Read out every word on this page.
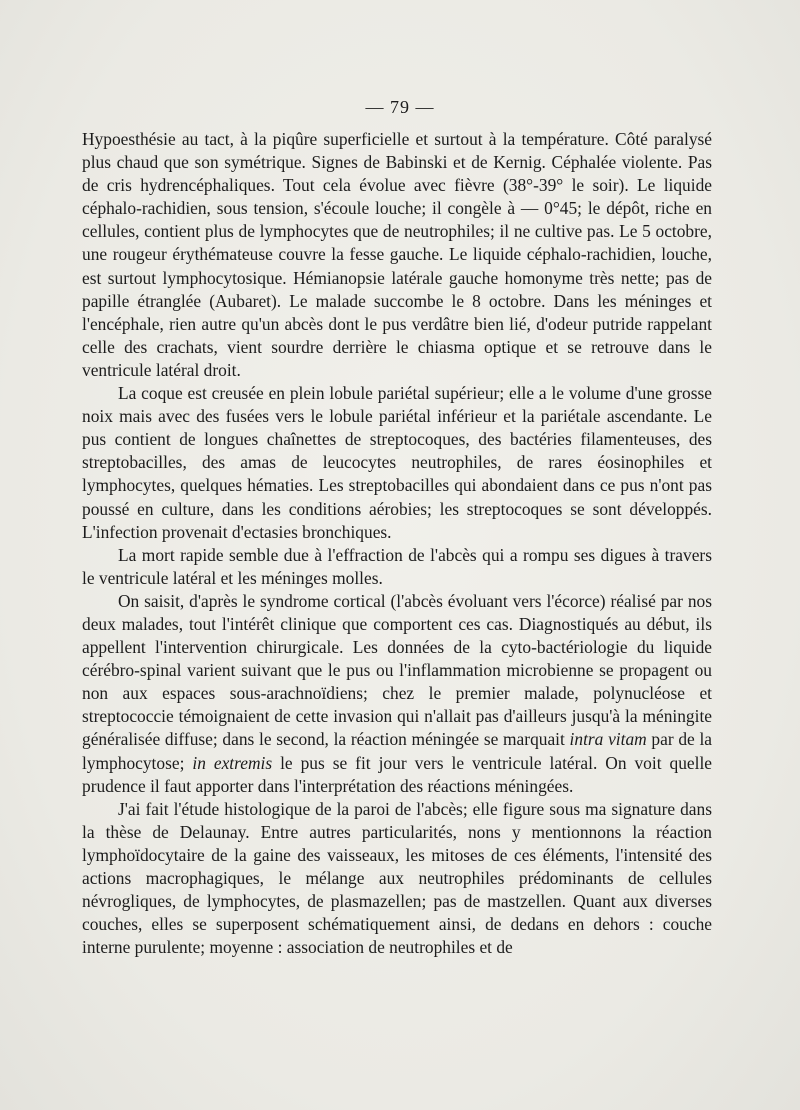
— 79 —

Hypoesthésie au tact, à la piqûre superficielle et surtout à la température. Côté paralysé plus chaud que son symétrique. Signes de Babinski et de Kernig. Céphalée violente. Pas de cris hydrencéphaliques. Tout cela évolue avec fièvre (38°-39° le soir). Le liquide céphalo-rachidien, sous tension, s'écoule louche; il congèle à — 0°45; le dépôt, riche en cellules, contient plus de lymphocytes que de neutrophiles; il ne cultive pas. Le 5 octobre, une rougeur érythémateuse couvre la fesse gauche. Le liquide céphalo-rachidien, louche, est surtout lymphocytosique. Hémianopsie latérale gauche homonyme très nette; pas de papille étranglée (Aubaret). Le malade succombe le 8 octobre. Dans les méninges et l'encéphale, rien autre qu'un abcès dont le pus verdâtre bien lié, d'odeur putride rappelant celle des crachats, vient sourdre derrière le chiasma optique et se retrouve dans le ventricule latéral droit.

La coque est creusée en plein lobule pariétal supérieur; elle a le volume d'une grosse noix mais avec des fusées vers le lobule pariétal inférieur et la pariétale ascendante. Le pus contient de longues chaînettes de streptocoques, des bactéries filamenteuses, des streptobacilles, des amas de leucocytes neutrophiles, de rares éosinophiles et lymphocytes, quelques hématies. Les streptobacilles qui abondaient dans ce pus n'ont pas poussé en culture, dans les conditions aérobies; les streptocoques se sont développés. L'infection provenait d'ectasies bronchiques.

La mort rapide semble due à l'effraction de l'abcès qui a rompu ses digues à travers le ventricule latéral et les méninges molles.

On saisit, d'après le syndrome cortical (l'abcès évoluant vers l'écorce) réalisé par nos deux malades, tout l'intérêt clinique que comportent ces cas. Diagnostiqués au début, ils appellent l'intervention chirurgicale. Les données de la cyto-bactériologie du liquide cérébro-spinal varient suivant que le pus ou l'inflammation microbienne se propagent ou non aux espaces sous-arachnoïdiens; chez le premier malade, polynucléose et streptococcie témoignaient de cette invasion qui n'allait pas d'ailleurs jusqu'à la méningite généralisée diffuse; dans le second, la réaction méningée se marquait intra vitam par de la lymphocytose; in extremis le pus se fit jour vers le ventricule latéral. On voit quelle prudence il faut apporter dans l'interprétation des réactions méningées.

J'ai fait l'étude histologique de la paroi de l'abcès; elle figure sous ma signature dans la thèse de Delaunay. Entre autres particularités, nons y mentionnons la réaction lymphoïdocytaire de la gaine des vaisseaux, les mitoses de ces éléments, l'intensité des actions macrophagiques, le mélange aux neutrophiles prédominants de cellules névrogliques, de lymphocytes, de plasmazellen; pas de mastzellen. Quant aux diverses couches, elles se superposent schématiquement ainsi, de dedans en dehors : couche interne purulente; moyenne : association de neutrophiles et de
